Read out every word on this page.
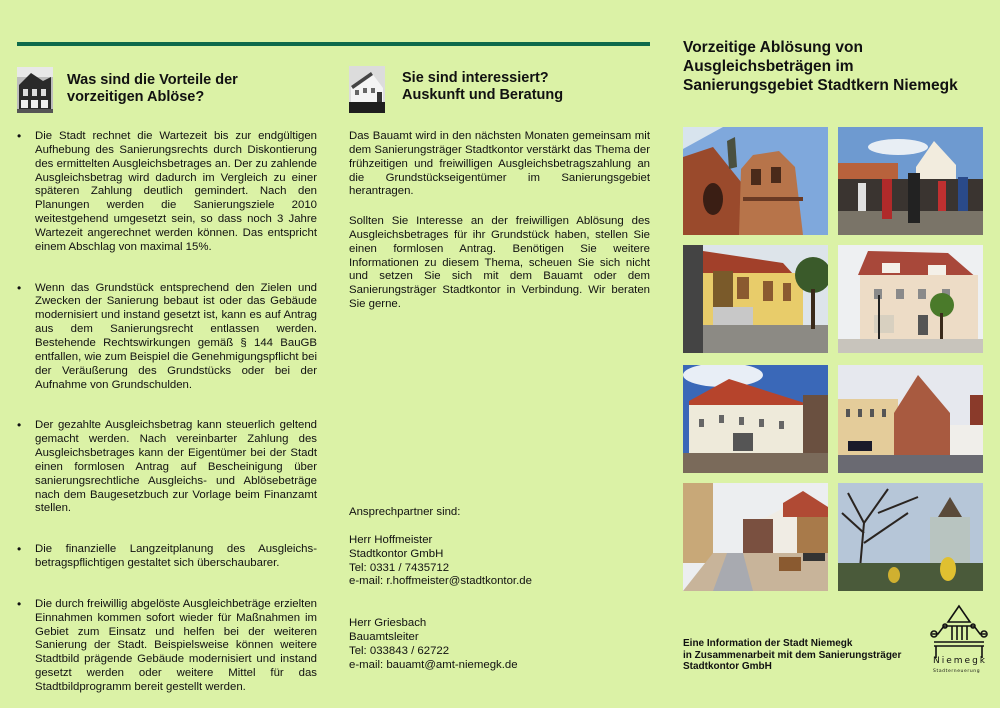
Was sind die Vorteile der
vorzeitigen Ablöse?
• Die Stadt rechnet die Wartezeit bis zur endgültigen Aufhebung des Sanierungsrechts durch Diskontierung des ermittelten Ausgleichsbetrages an. Der zu zahlende Ausgleichsbetrag wird dadurch im Vergleich zu einer späteren Zahlung deutlich gemindert. Nach den Planungen werden die Sanierungsziele 2010 weitestgehend umgesetzt sein, so dass noch 3 Jahre Wartezeit angerechnet werden können. Das entspricht einem Abschlag von maximal 15%.
• Wenn das Grundstück entsprechend den Zielen und Zwecken der Sanierung bebaut ist oder das Gebäude modernisiert und instand gesetzt ist, kann es auf Antrag aus dem Sanierungsrecht entlassen werden. Bestehende Rechtswirkungen gemäß § 144 BauGB entfallen, wie zum Beispiel die Genehmigungspflicht bei der Veräußerung des Grundstücks oder bei der Aufnahme von Grundschulden.
• Der gezahlte Ausgleichsbetrag kann steuerlich geltend gemacht werden. Nach vereinbarter Zahlung des Ausgleichsbetrages kann der Eigentümer bei der Stadt einen formlosen Antrag auf Bescheinigung über sanierungsrechtliche Ausgleichs- und Ablösebeträge nach dem Baugesetzbuch zur Vorlage beim Finanzamt stellen.
• Die finanzielle Langzeitplanung des Ausgleichsbetragspflichtigen gestaltet sich überschaubarer.
• Die durch freiwillig abgelöste Ausgleichbeträge erzielten Einnahmen kommen sofort wieder für Maßnahmen im Gebiet zum Einsatz und helfen bei der weiteren Sanierung der Stadt. Beispielsweise können weitere Stadtbild prägende Gebäude modernisiert und instand gesetzt werden oder weitere Mittel für das Stadtbildprogramm bereit gestellt werden.
Sie sind interessiert?
Auskunft und Beratung

Das Bauamt wird in den nächsten Monaten gemeinsam mit dem Sanierungsträger Stadtkontor verstärkt das Thema der frühzeitigen und freiwilligen Ausgleichsbetragszahlung an die Grundstückseigentümer im Sanierungsgebiet herantragen.

Sollten Sie Interesse an der freiwilligen Ablösung des Ausgleichsbetrages für ihr Grundstück haben, stellen Sie einen formlosen Antrag. Benötigen Sie weitere Informationen zu diesem Thema, scheuen Sie sich nicht und setzen Sie sich mit dem Bauamt oder dem Sanierungsträger Stadtkontor in Verbindung. Wir beraten Sie gerne.

Ansprechpartner sind:
Herr Hoffmeister
Stadtkontor GmbH
Tel: 0331 / 7435712
e-mail: r.hoffmeister@stadtkontor.de
Herr Griesbach
Bauamtsleiter
Tel: 033843 / 62722
e-mail: bauamt@amt-niemegk.de
Vorzeitige Ablösung von
Ausgleichsbeträgen im
Sanierungsgebiet Stadtkern Niemegk
Eine Information der Stadt Niemegk
in Zusammenarbeit mit dem Sanierungsträger
Stadtkontor GmbH	Niemegk
Stadterneuerung
